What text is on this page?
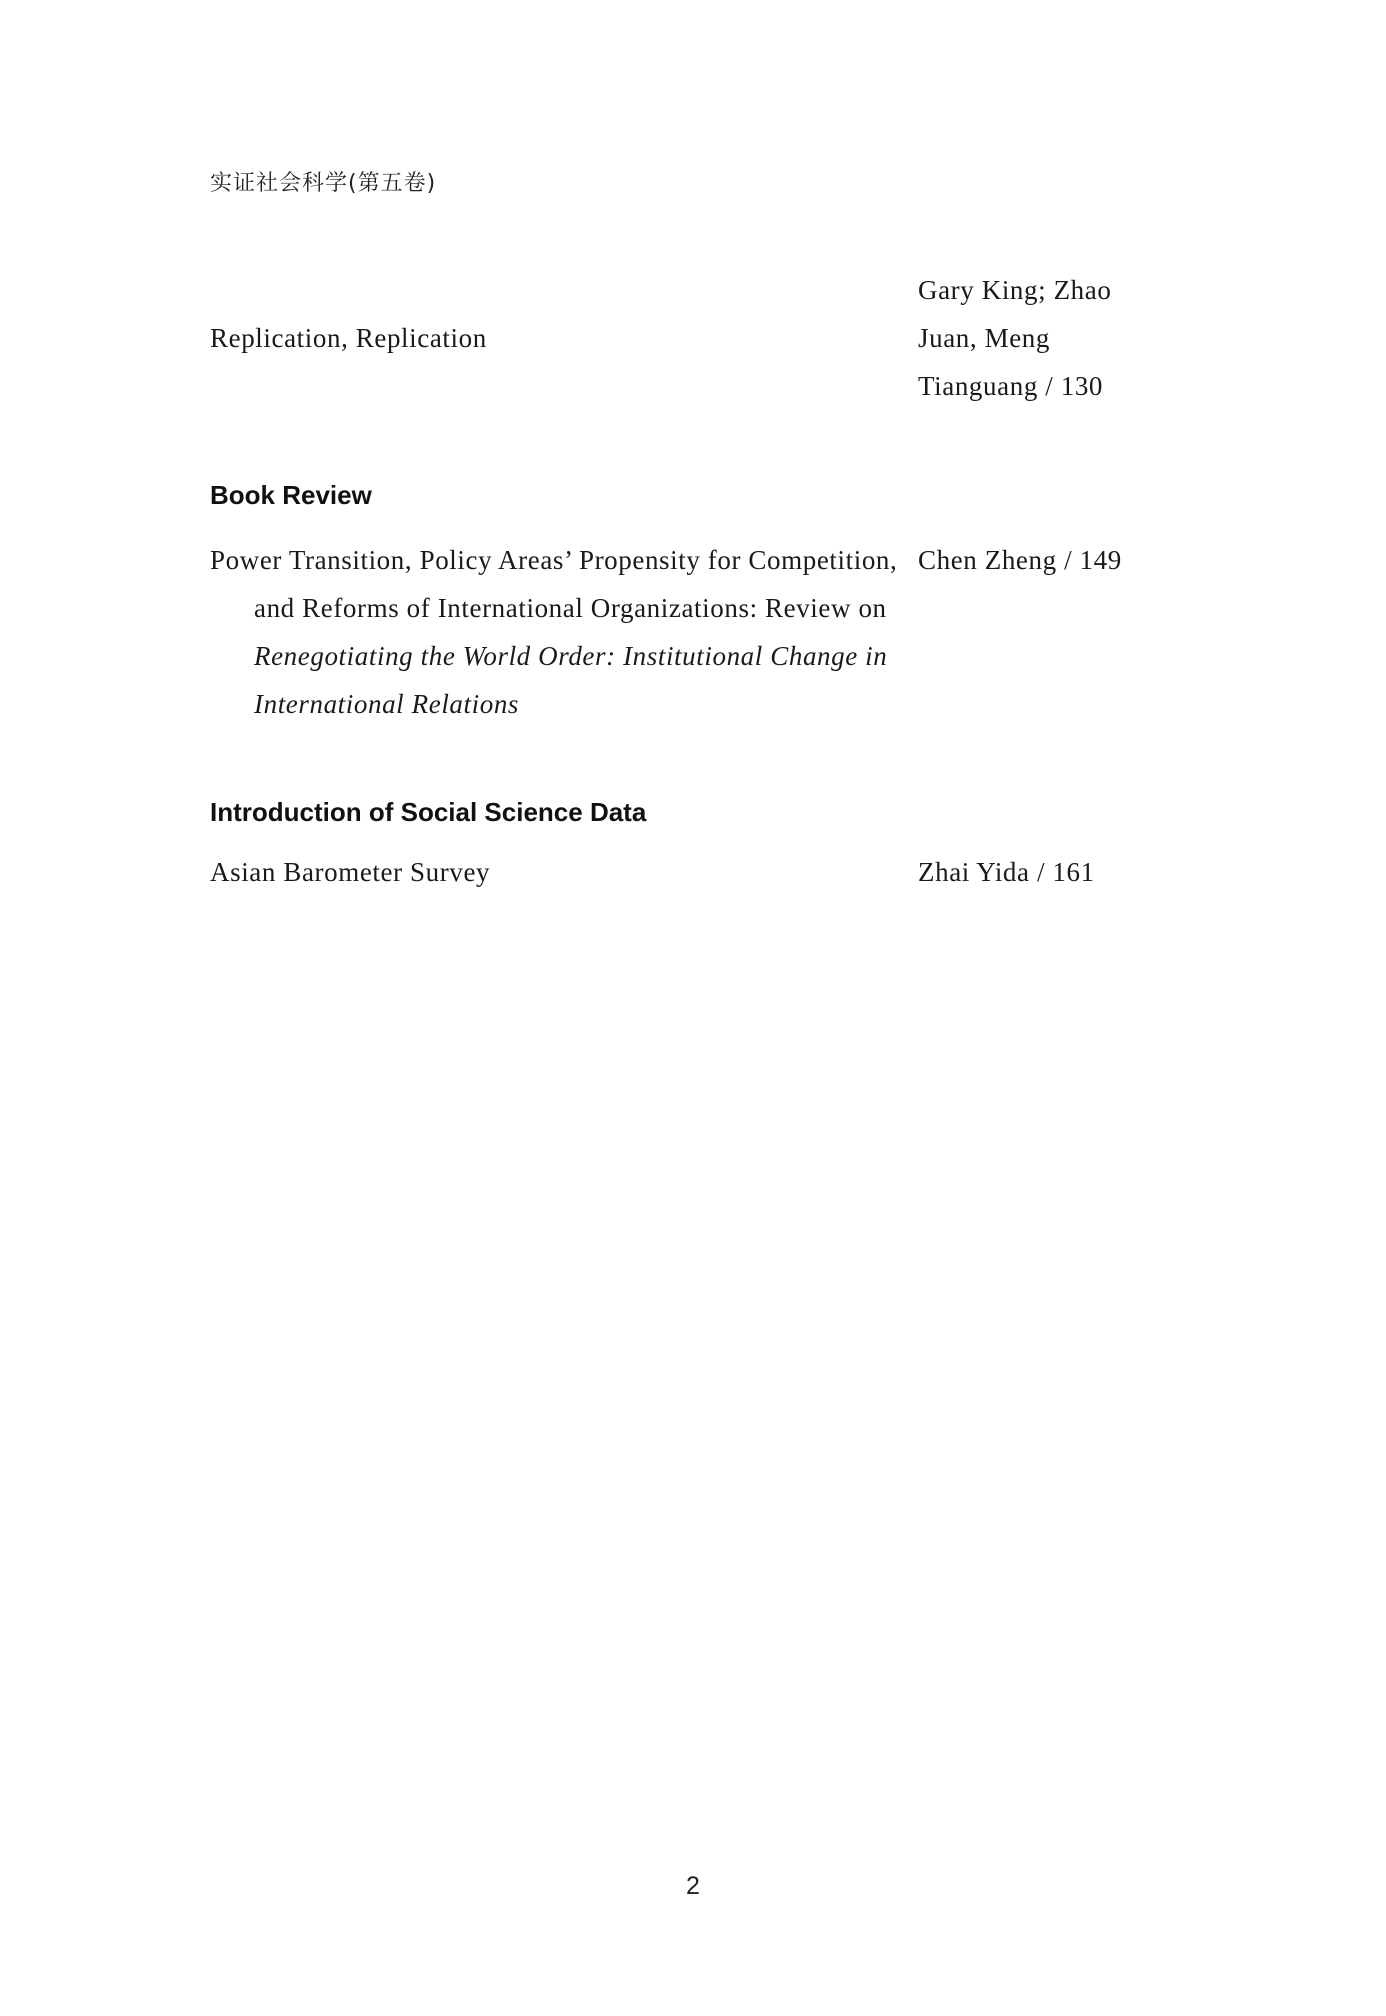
实证社会科学(第五卷)
Replication, Replication
Gary King; Zhao Juan, Meng Tianguang / 130
Book Review
Power Transition, Policy Areas’ Propensity for Competition, and Reforms of International Organizations: Review on Renegotiating the World Order: Institutional Change in International Relations
Chen Zheng / 149
Introduction of Social Science Data
Asian Barometer Survey	Zhai Yida / 161
2
